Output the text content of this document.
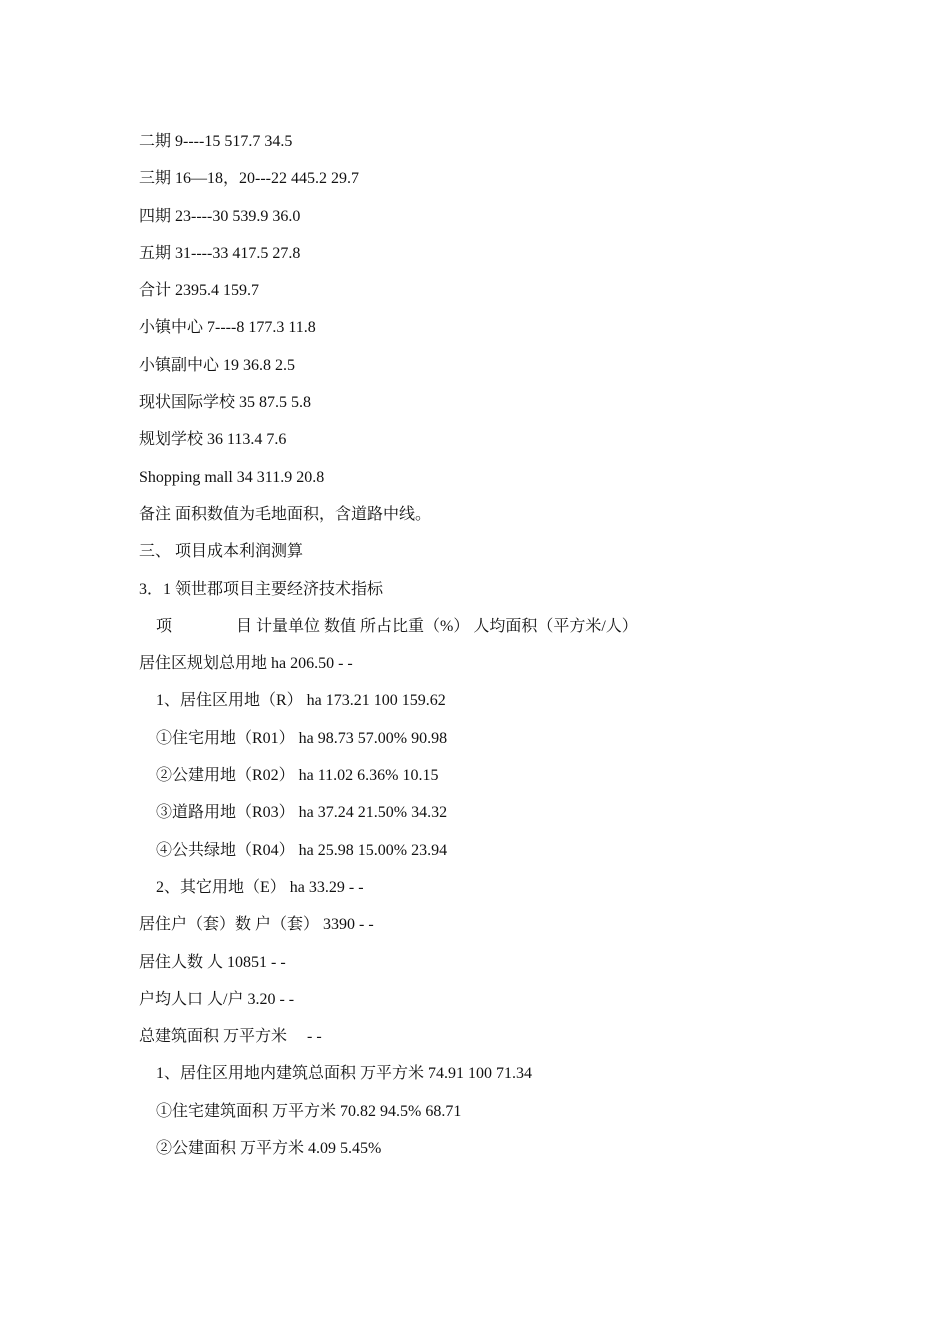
二期 9----15 517.7 34.5
三期 16—18，20---22 445.2 29.7
四期 23----30 539.9 36.0
五期 31----33 417.5 27.8
合计 2395.4 159.7
小镇中心 7----8 177.3 11.8
小镇副中心 19 36.8 2.5
现状国际学校 35 87.5 5.8
规划学校 36 113.4 7.6
Shopping mall 34 311.9 20.8
备注 面积数值为毛地面积，含道路中线。
三、 项目成本利润测算
3．1 领世郡项目主要经济技术指标
项　　　　目 计量单位 数值 所占比重（%） 人均面积（平方米/人）
居住区规划总用地 ha 206.50 - -
1、居住区用地（R） ha 173.21 100 159.62
①住宅用地（R01） ha 98.73 57.00% 90.98
②公建用地（R02） ha 11.02 6.36% 10.15
③道路用地（R03） ha 37.24 21.50% 34.32
④公共绿地（R04） ha 25.98 15.00% 23.94
2、其它用地（E） ha 33.29 - -
居住户（套）数 户（套） 3390 - -
居住人数 人 10851 - -
户均人口 人/户 3.20 - -
总建筑面积 万平方米　 - -
1、居住区用地内建筑总面积 万平方米 74.91 100 71.34
①住宅建筑面积 万平方米 70.82 94.5% 68.71
②公建面积 万平方米 4.09 5.45%
